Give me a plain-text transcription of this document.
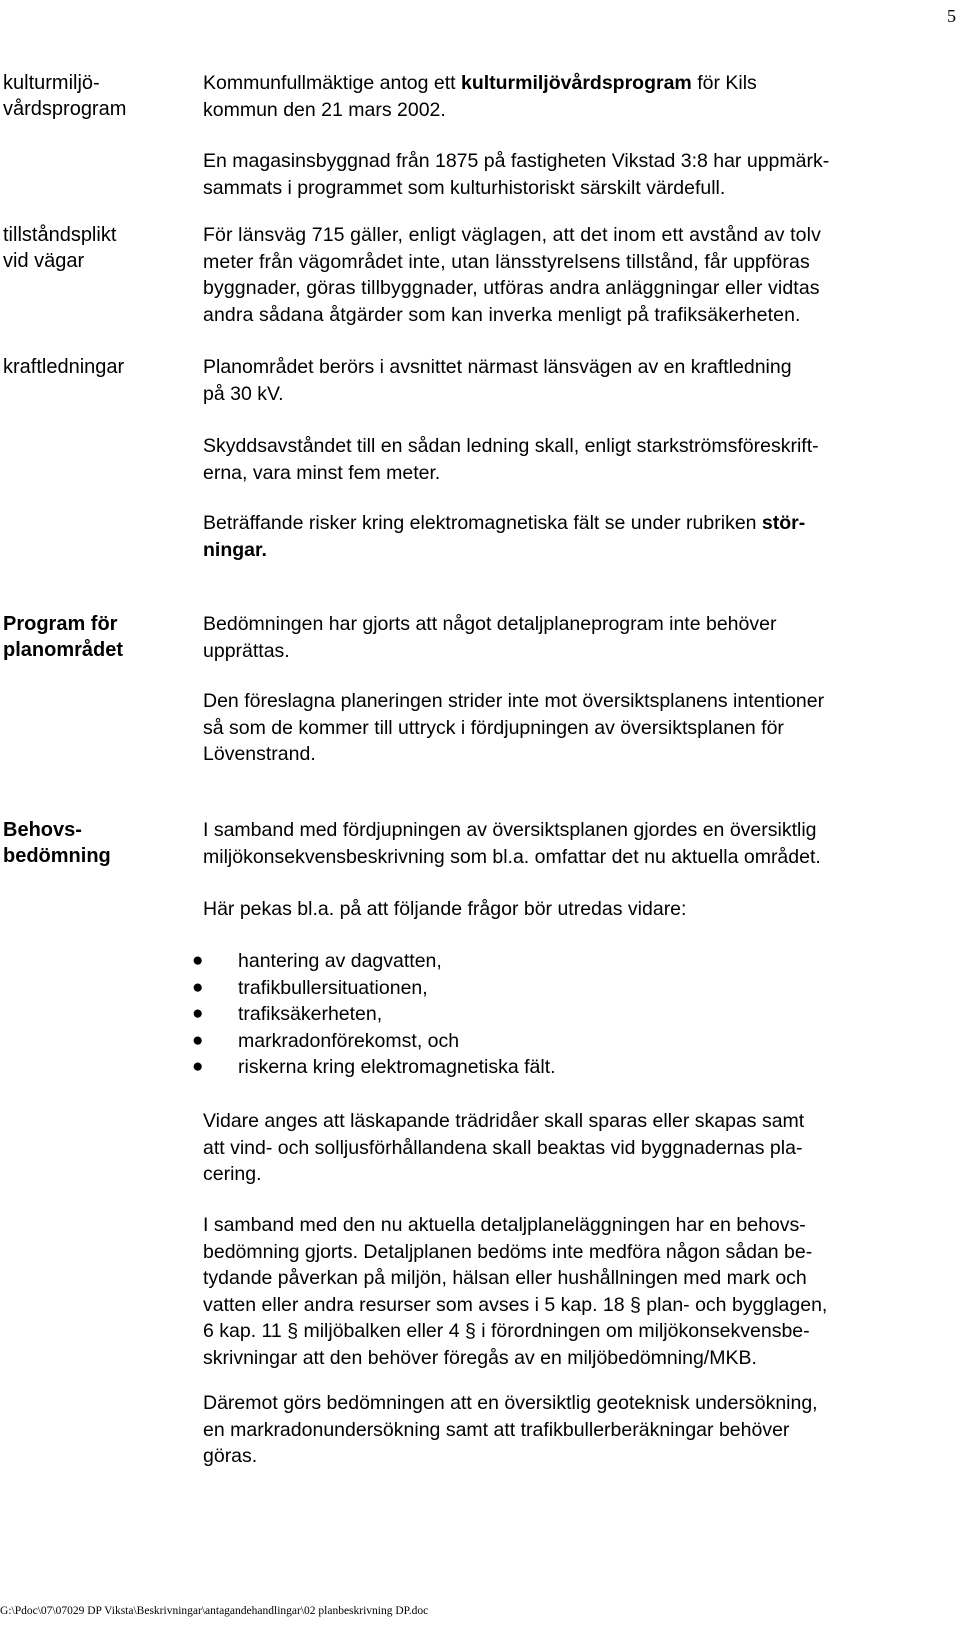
5
kulturmiljö-
vårdsprogram
tillståndsplikt
vid vägar
kraftledningar
Program för
planområdet
Behovs-
bedömning
Kommunfullmäktige antog ett kulturmiljövårdsprogram för Kils
kommun den 21 mars 2002.
En magasinsbyggnad från 1875 på fastigheten Vikstad 3:8 har uppmärk-
sammats i programmet som kulturhistoriskt särskilt värdefull.
För länsväg 715 gäller, enligt väglagen, att det inom ett avstånd av tolv
meter från vägområdet inte, utan länsstyrelsens tillstånd, får uppföras
byggnader, göras tillbyggnader, utföras andra anläggningar eller vidtas
andra sådana åtgärder som kan inverka menligt på trafiksäkerheten.
Planområdet berörs i avsnittet närmast länsvägen av en kraftledning
på 30 kV.
Skyddsavståndet till en sådan ledning skall, enligt starkströmsföreskrift-
erna, vara minst fem meter.
Beträffande risker kring elektromagnetiska fält se under rubriken stör-
ningar.
Bedömningen har gjorts att något detaljplaneprogram inte behöver
upprättas.
Den föreslagna planeringen strider inte mot översiktsplanens intentioner
så som de kommer till uttryck i fördjupningen av översiktsplanen för
Lövenstrand.
I samband med fördjupningen av översiktsplanen gjordes en översiktlig
miljökonsekvensbeskrivning som bl.a. omfattar det nu aktuella området.
Här pekas bl.a. på att följande frågor bör utredas vidare:
● hantering av dagvatten,
● trafikbullersituationen,
● trafiksäkerheten,
● markradonförekomst, och
● riskerna kring elektromagnetiska fält.
Vidare anges att läskapande trädridåer skall sparas eller skapas samt
att vind- och solljusförhållandena skall beaktas vid byggnadernas pla-
cering.
I samband med den nu aktuella detaljplaneläggningen har en behovs-
bedömning gjorts. Detaljplanen bedöms inte medföra någon sådan be-
tydande påverkan på miljön, hälsan eller hushållningen med mark och
vatten eller andra resurser som avses i 5 kap. 18 § plan- och bygglagen,
6 kap. 11 § miljöbalken eller 4 § i förordningen om miljökonsekvensbe-
skrivningar att den behöver föregås av en miljöbedömning/MKB.
Däremot görs bedömningen att en översiktlig geoteknisk undersökning,
en markradonundersökning samt att trafikbullerberäkningar behöver
göras.
G:\Pdoc\07\07029 DP Viksta\Beskrivningar\antagandehandlingar\02 planbeskrivning DP.doc
